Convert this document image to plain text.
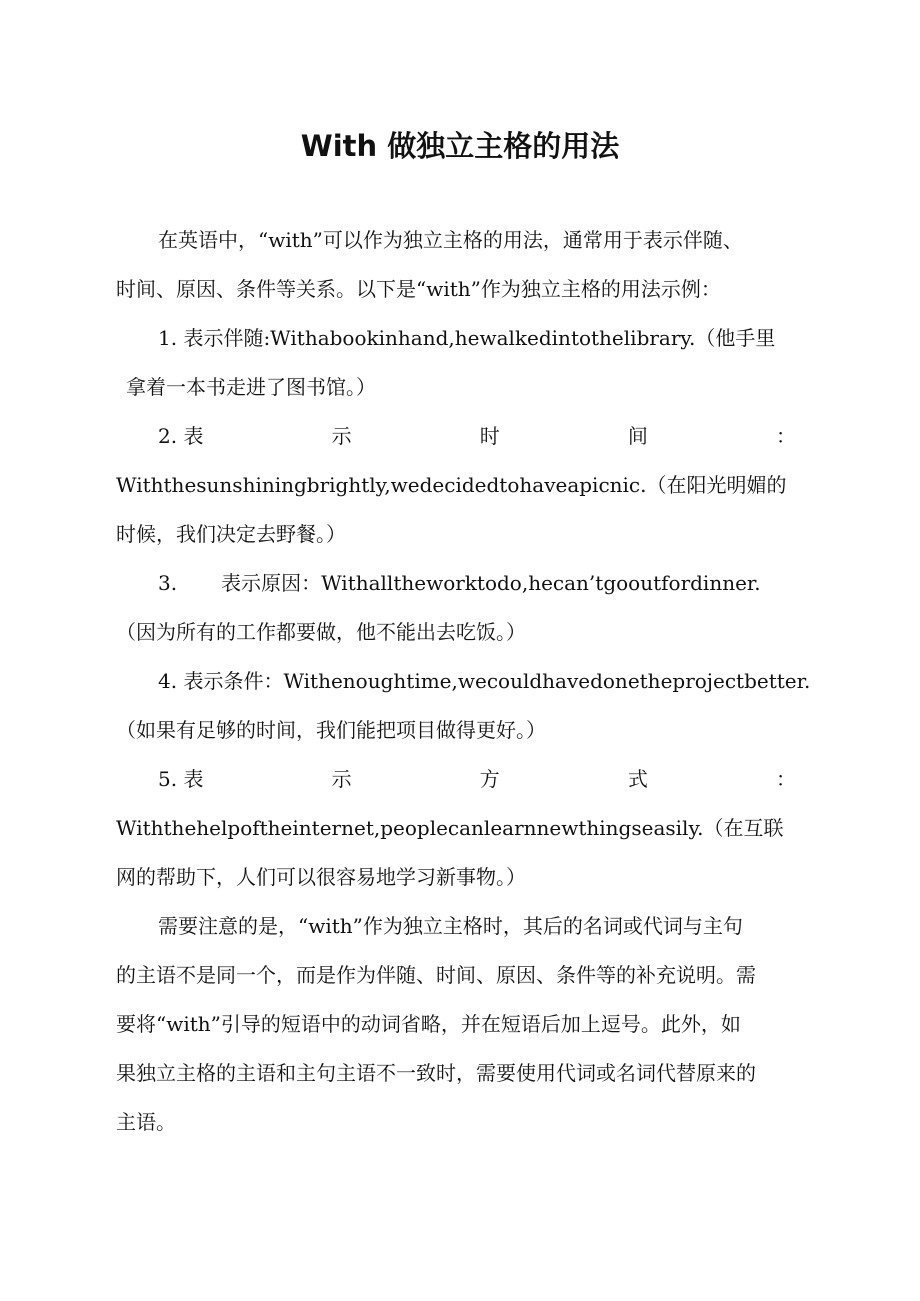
With 做独立主格的用法
在英语中，“with”可以作为独立主格的用法，通常用于表示伴随、
时间、原因、条件等关系。以下是“with”作为独立主格的用法示例：
1. 表示伴随:Withabookinhand,hewalkedintothelibrary.（他手里
拿着一本书走进了图书馆。）
2. 表	示	时	间	：
Withthesunshiningbrightly,wedecidedtohaveapicnic.（在阳光明媚的
时候，我们决定去野餐。）
3. 表示原因：Withalltheworktodo,hecan’tgooutfordinner.
（因为所有的工作都要做，他不能出去吃饭。）
4. 表示条件：Withenoughtime,wecouldhavedonetheprojectbetter.
（如果有足够的时间，我们能把项目做得更好。）
5. 表	示	方	式	：
Withthehelpoftheinternet,peoplecanlearnnewthingseasily.（在互联
网的帮助下，人们可以很容易地学习新事物。）
需要注意的是，“with”作为独立主格时，其后的名词或代词与主句
的主语不是同一个，而是作为伴随、时间、原因、条件等的补充说明。需
要将“with”引导的短语中的动词省略，并在短语后加上逗号。此外，如
果独立主格的主语和主句主语不一致时，需要使用代词或名词代替原来的
主语。
